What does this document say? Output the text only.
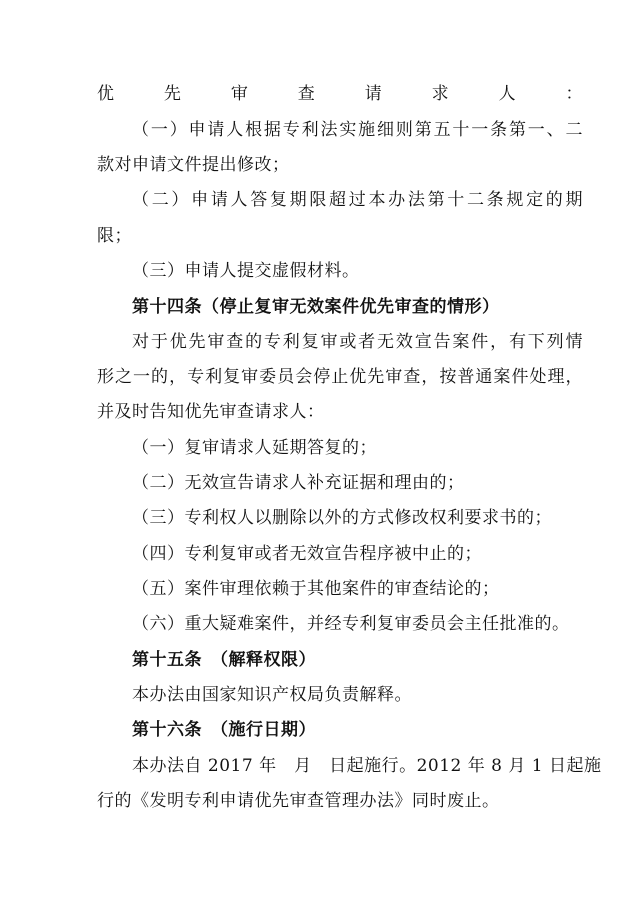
优先审查请求人：
（一）申请人根据专利法实施细则第五十一条第一、二
款对申请文件提出修改；
（二）申请人答复期限超过本办法第十二条规定的期
限；
（三）申请人提交虚假材料。
第十四条（停止复审无效案件优先审查的情形）
对于优先审查的专利复审或者无效宣告案件，有下列情
形之一的，专利复审委员会停止优先审查，按普通案件处理，
并及时告知优先审查请求人：
（一）复审请求人延期答复的；
（二）无效宣告请求人补充证据和理由的；
（三）专利权人以删除以外的方式修改权利要求书的；
（四）专利复审或者无效宣告程序被中止的；
（五）案件审理依赖于其他案件的审查结论的；
（六）重大疑难案件，并经专利复审委员会主任批准的。
第十五条　（解释权限）
本办法由国家知识产权局负责解释。
第十六条　（施行日期）
本办法自 2017 年　月　日起施行。2012 年 8 月 1 日起施
行的《发明专利申请优先审查管理办法》同时废止。
